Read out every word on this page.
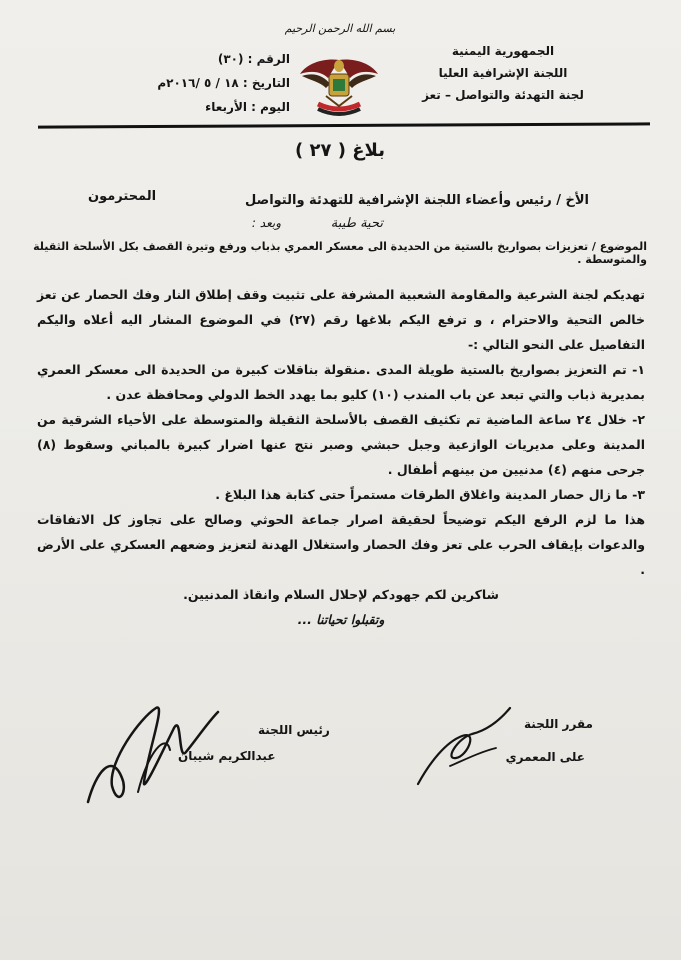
بسم الله الرحمن الرحيم
الجمهورية اليمنية
اللجنة الإشرافية العليا
لجنة التهدئة والتواصل – تعز
الرقم : (٣٠)
التاريخ : ١٨ / ٥ /٢٠١٦م
اليوم : الأربعاء
بلاغ ( ٢٧ )
الأخ / رئيس وأعضاء اللجنة الإشرافية للتهدئة والتواصل
المحترمون
تحية طيبة
وبعد :
الموضوع / تعزيزات بصواريخ بالستية من الحديدة الى معسكر العمري بذباب ورفع وتيرة القصف بكل الأسلحة الثقيلة والمتوسطة .

تهديكم لجنة الشرعية والمقاومة الشعبية المشرفة على تثبيت وقف إطلاق النار وفك الحصار عن تعز خالص التحية والاحترام ، و ترفع اليكم بلاغها رقم (٢٧) في الموضوع المشار اليه أعلاه واليكم التفاصيل على النحو التالي :-

١- تم التعزيز بصواريخ بالستية طويلة المدى .منقولة بناقلات كبيرة من الحديدة الى معسكر العمري بمديرية ذباب والتي تبعد عن باب المندب (١٠) كليو بما يهدد الخط الدولي ومحافظة عدن .

٢- خلال ٢٤ ساعة الماضية تم تكثيف القصف بالأسلحة الثقيلة والمتوسطة على الأحياء الشرقية من المدينة وعلى مديريات الوازعية وجبل حبشي وصبر نتج عنها اضرار كبيرة بالمباني وسقوط (٨) جرحى منهم (٤) مدنيين من بينهم أطفال .

٣- ما زال حصار المدينة واغلاق الطرقات مستمراً حتى كتابة هذا البلاغ .

هذا ما لزم الرفع اليكم توضيحاً لحقيقة اصرار جماعة الحوثي وصالح على تجاوز كل الاتفاقات والدعوات بإيقاف الحرب على تعز وفك الحصار واستغلال الهدنة لتعزيز وضعهم العسكري على الأرض .

شاكرين لكم جهودكم لإحلال السلام وانقاذ المدنيين.

وتقبلوا تحياتنا ...

مقرر اللجنة
على المعمري
رئيس اللجنة
عبدالكريم شيبان
